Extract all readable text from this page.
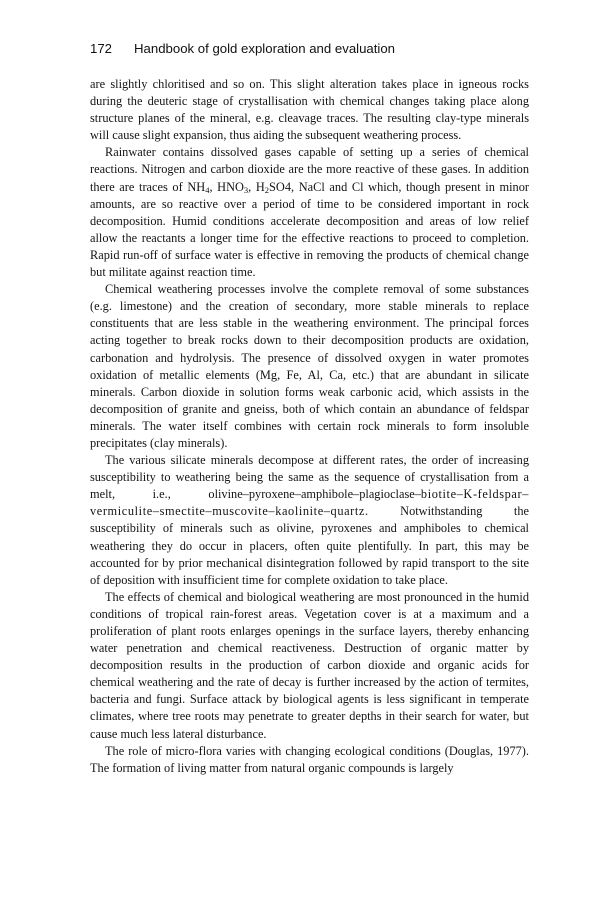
172 Handbook of gold exploration and evaluation

are slightly chloritised and so on. This slight alteration takes place in igneous rocks during the deuteric stage of crystallisation with chemical changes taking place along structure planes of the mineral, e.g. cleavage traces. The resulting clay-type minerals will cause slight expansion, thus aiding the subsequent weathering process.

Rainwater contains dissolved gases capable of setting up a series of chemical reactions. Nitrogen and carbon dioxide are the more reactive of these gases. In addition there are traces of $NH_4$, $HNO_3$, $H_2SO4$, NaCl and Cl which, though present in minor amounts, are so reactive over a period of time to be considered important in rock decomposition. Humid conditions accelerate decomposition and areas of low relief allow the reactants a longer time for the effective reactions to proceed to completion. Rapid run-off of surface water is effective in removing the products of chemical change but militate against reaction time.

Chemical weathering processes involve the complete removal of some substances (e.g. limestone) and the creation of secondary, more stable minerals to replace constituents that are less stable in the weathering environment. The principal forces acting together to break rocks down to their decomposition products are oxidation, carbonation and hydrolysis. The presence of dissolved oxygen in water promotes oxidation of metallic elements (Mg, Fe, Al, Ca, etc.) that are abundant in silicate minerals. Carbon dioxide in solution forms weak carbonic acid, which assists in the decomposition of granite and gneiss, both of which contain an abundance of feldspar minerals. The water itself combines with certain rock minerals to form insoluble precipitates (clay minerals).

The various silicate minerals decompose at different rates, the order of increasing susceptibility to weathering being the same as the sequence of crystallisation from a melt, i.e., olivine–pyroxene–amphibole–plagioclase–biotite–K-feldspar–vermiculite–smectite–muscovite–kaolinite–quartz.	Notwithstanding the susceptibility of minerals such as olivine, pyroxenes and amphiboles to chemical weathering they do occur in placers, often quite plentifully. In part, this may be accounted for by prior mechanical disintegration followed by rapid transport to the site of deposition with insufficient time for complete oxidation to take place.

The effects of chemical and biological weathering are most pronounced in the humid conditions of tropical rain-forest areas. Vegetation cover is at a maximum and a proliferation of plant roots enlarges openings in the surface layers, thereby enhancing water penetration and chemical reactiveness. Destruction of organic matter by decomposition results in the production of carbon dioxide and organic acids for chemical weathering and the rate of decay is further increased by the action of termites, bacteria and fungi. Surface attack by biological agents is less significant in temperate climates, where tree roots may penetrate to greater depths in their search for water, but cause much less lateral disturbance.

The role of micro-flora varies with changing ecological conditions (Douglas, 1977). The formation of living matter from natural organic compounds is largely
